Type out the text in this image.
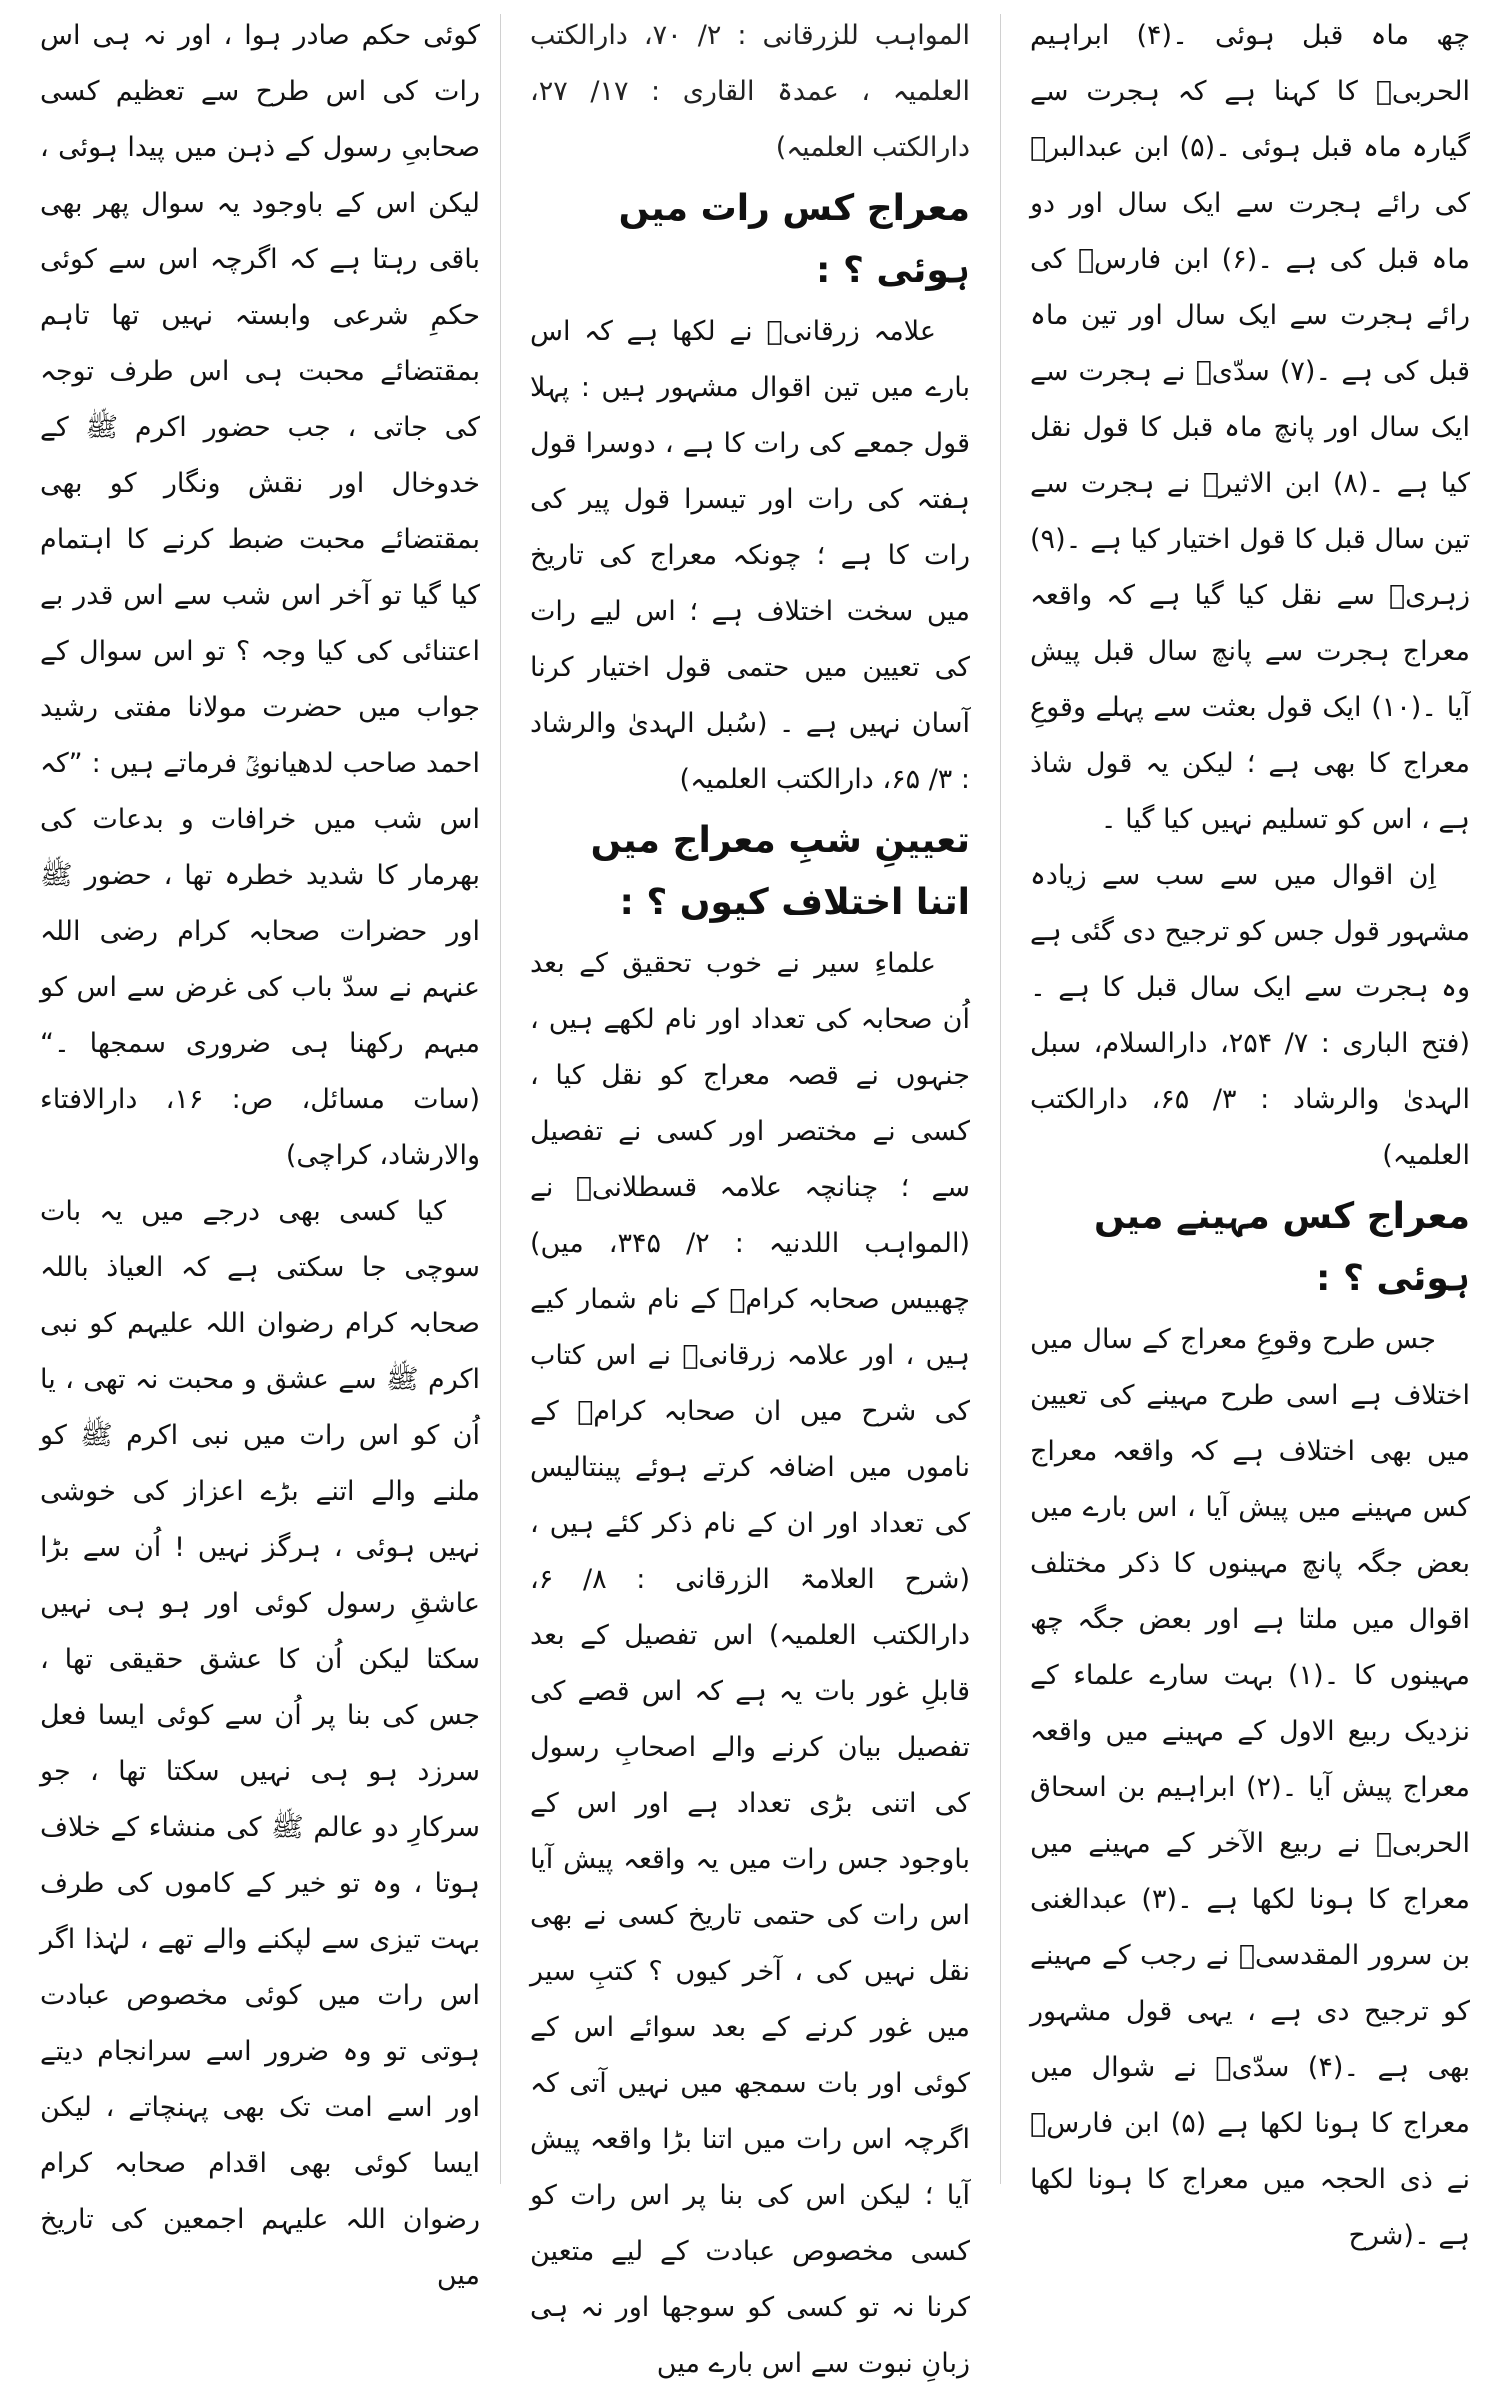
چھ ماہ قبل ہوئی ۔(۴) ابراہیم الحربیؒ کا کہنا ہے کہ ہجرت سے گیارہ ماہ قبل ہوئی ۔(۵) ابن عبدالبرؒ کی رائے ہجرت سے ایک سال اور دو ماہ قبل کی ہے ۔(۶) ابن فارسؒ کی رائے ہجرت سے ایک سال اور تین ماہ قبل کی ہے ۔(۷) سدّیؒ نے ہجرت سے ایک سال اور پانچ ماہ قبل کا قول نقل کیا ہے ۔(۸) ابن الاثیرؒ نے ہجرت سے تین سال قبل کا قول اختیار کیا ہے ۔(۹) زہریؒ سے نقل کیا گیا ہے کہ واقعہ معراج ہجرت سے پانچ سال قبل پیش آیا ۔(۱۰) ایک قول بعثت سے پہلے وقوعِ معراج کا بھی ہے ؛ لیکن یہ قول شاذ ہے ، اس کو تسلیم نہیں کیا گیا ۔

اِن اقوال میں سے سب سے زیادہ مشہور قول جس کو ترجیح دی گئی ہے وہ ہجرت سے ایک سال قبل کا ہے ۔ (فتح الباری : ۷/ ۲۵۴، دارالسلام، سبل الہدیٰ والرشاد : ۳/ ۶۵، دارالکتب العلمیہ)

معراج کس مہینے میں ہوئی ؟ :

جس طرح وقوعِ معراج کے سال میں اختلاف ہے اسی طرح مہینے کی تعیین میں بھی اختلاف ہے کہ واقعہ معراج کس مہینے میں پیش آیا ، اس بارے میں بعض جگہ پانچ مہینوں کا ذکر مختلف اقوال میں ملتا ہے اور بعض جگہ چھ مہینوں کا ۔(۱) بہت سارے علماء کے نزدیک ربیع الاول کے مہینے میں واقعہ معراج پیش آیا ۔(۲) ابراہیم بن اسحاق الحربیؒ نے ربیع الآخر کے مہینے میں معراج کا ہونا لکھا ہے ۔(۳) عبدالغنی بن سرور المقدسیؒ نے رجب کے مہینے کو ترجیح دی ہے ، یہی قول مشہور بھی ہے ۔(۴) سدّیؒ نے شوال میں معراج کا ہونا لکھا ہے (۵) ابن فارسؒ نے ذی الحجہ میں معراج کا ہونا لکھا ہے ۔(شرح

المواہب للزرقانی : ۲/ ۷۰، دارالکتب العلمیہ ، عمدۃ القاری : ۱۷/ ۲۷، دارالکتب العلمیہ)

معراج کس رات میں ہوئی ؟ :

علامہ زرقانیؒ نے لکھا ہے کہ اس بارے میں تین اقوال مشہور ہیں : پہلا قول جمعے کی رات کا ہے ، دوسرا قول ہفتہ کی رات اور تیسرا قول پیر کی رات کا ہے ؛ چونکہ معراج کی تاریخ میں سخت اختلاف ہے ؛ اس لیے رات کی تعیین میں حتمی قول اختیار کرنا آسان نہیں ہے ۔ (سُبل الہدیٰ والرشاد : ۳/ ۶۵، دارالکتب العلمیہ)

تعیینِ شبِ معراج میں اتنا اختلاف کیوں ؟ :

علماءِ سیر نے خوب تحقیق کے بعد اُن صحابہ کی تعداد اور نام لکھے ہیں ، جنہوں نے قصہ معراج کو نقل کیا ، کسی نے مختصر اور کسی نے تفصیل سے ؛ چنانچہ علامہ قسطلانیؒ نے (المواہب اللدنیہ : ۲/ ۳۴۵، میں) چھبیس صحابہ کرامؓ کے نام شمار کیے ہیں ، اور علامہ زرقانیؒ نے اس کتاب کی شرح میں ان صحابہ کرامؓ کے ناموں میں اضافہ کرتے ہوئے پینتالیس کی تعداد اور ان کے نام ذکر کئے ہیں ، (شرح العلامۃ الزرقانی : ۸/ ۶، دارالکتب العلمیہ) اس تفصیل کے بعد قابلِ غور بات یہ ہے کہ اس قصے کی تفصیل بیان کرنے والے اصحابِ رسول کی اتنی بڑی تعداد ہے اور اس کے باوجود جس رات میں یہ واقعہ پیش آیا اس رات کی حتمی تاریخ کسی نے بھی نقل نہیں کی ، آخر کیوں ؟ کتبِ سیر میں غور کرنے کے بعد سوائے اس کے کوئی اور بات سمجھ میں نہیں آتی کہ اگرچہ اس رات میں اتنا بڑا واقعہ پیش آیا ؛ لیکن اس کی بنا پر اس رات کو کسی مخصوص عبادت کے لیے متعین کرنا نہ تو کسی کو سوجھا اور نہ ہی زبانِ نبوت سے اس بارے میں

کوئی حکم صادر ہوا ، اور نہ ہی اس رات کی اس طرح سے تعظیم کسی صحابیِ رسول کے ذہن میں پیدا ہوئی ، لیکن اس کے باوجود یہ سوال پھر بھی باقی رہتا ہے کہ اگرچہ اس سے کوئی حکمِ شرعی وابستہ نہیں تھا تاہم بمقتضائے محبت ہی اس طرف توجہ کی جاتی ، جب حضور اکرم ﷺ کے خدوخال اور نقش ونگار کو بھی بمقتضائے محبت ضبط کرنے کا اہتمام کیا گیا تو آخر اس شب سے اس قدر بے اعتنائی کی کیا وجہ ؟ تو اس سوال کے جواب میں حضرت مولانا مفتی رشید احمد صاحب لدھیانویؒ فرماتے ہیں : ”کہ اس شب میں خرافات و بدعات کی بھرمار کا شدید خطرہ تھا ، حضور ﷺ اور حضرات صحابہ کرام رضی اللہ عنہم نے سدّ باب کی غرض سے اس کو مبہم رکھنا ہی ضروری سمجھا ۔“ (سات مسائل، ص: ۱۶، دارالافتاء والارشاد، کراچی)

کیا کسی بھی درجے میں یہ بات سوچی جا سکتی ہے کہ العیاذ باللہ صحابہ کرام رضوان اللہ علیہم کو نبی اکرم ﷺ سے عشق و محبت نہ تھی ، یا اُن کو اس رات میں نبی اکرم ﷺ کو ملنے والے اتنے بڑے اعزاز کی خوشی نہیں ہوئی ، ہرگز نہیں ! اُن سے بڑا عاشقِ رسول کوئی اور ہو ہی نہیں سکتا لیکن اُن کا عشق حقیقی تھا ، جس کی بنا پر اُن سے کوئی ایسا فعل سرزد ہو ہی نہیں سکتا تھا ، جو سرکارِ دو عالم ﷺ کی منشاء کے خلاف ہوتا ، وہ تو خیر کے کاموں کی طرف بہت تیزی سے لپکنے والے تھے ، لہٰذا اگر اس رات میں کوئی مخصوص عبادت ہوتی تو وہ ضرور اسے سرانجام دیتے اور اسے امت تک بھی پہنچاتے ، لیکن ایسا کوئی بھی اقدام صحابہ کرام رضوان اللہ علیہم اجمعین کی تاریخ میں
